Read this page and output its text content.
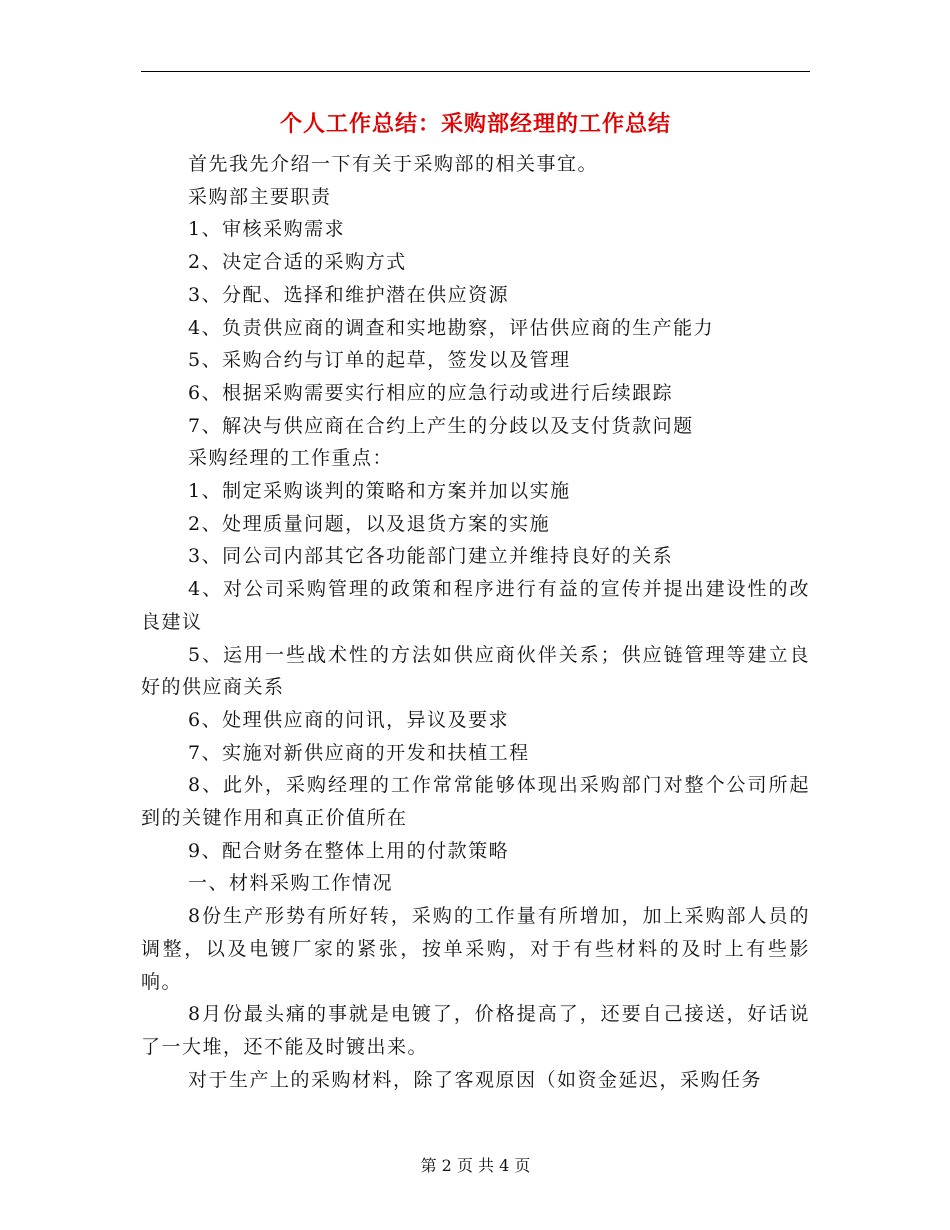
个人工作总结：采购部经理的工作总结

首先我先介绍一下有关于采购部的相关事宜。

采购部主要职责

1、审核采购需求

2、决定合适的采购方式

3、分配、选择和维护潜在供应资源

4、负责供应商的调查和实地勘察，评估供应商的生产能力

5、采购合约与订单的起草，签发以及管理

6、根据采购需要实行相应的应急行动或进行后续跟踪

7、解决与供应商在合约上产生的分歧以及支付货款问题

采购经理的工作重点：

1、制定采购谈判的策略和方案并加以实施

2、处理质量问题，以及退货方案的实施

3、同公司内部其它各功能部门建立并维持良好的关系

4、对公司采购管理的政策和程序进行有益的宣传并提出建设性的改良建议

5、运用一些战术性的方法如供应商伙伴关系；供应链管理等建立良好的供应商关系

6、处理供应商的问讯，异议及要求

7、实施对新供应商的开发和扶植工程

8、此外，采购经理的工作常常能够体现出采购部门对整个公司所起到的关键作用和真正价值所在

9、配合财务在整体上用的付款策略

一、材料采购工作情况

8份生产形势有所好转，采购的工作量有所增加，加上采购部人员的调整，以及电镀厂家的紧张，按单采购，对于有些材料的及时上有些影响。

8月份最头痛的事就是电镀了，价格提高了，还要自己接送，好话说了一大堆，还不能及时镀出来。

对于生产上的采购材料，除了客观原因（如资金延迟，采购任务

第 2 页 共 4 页
